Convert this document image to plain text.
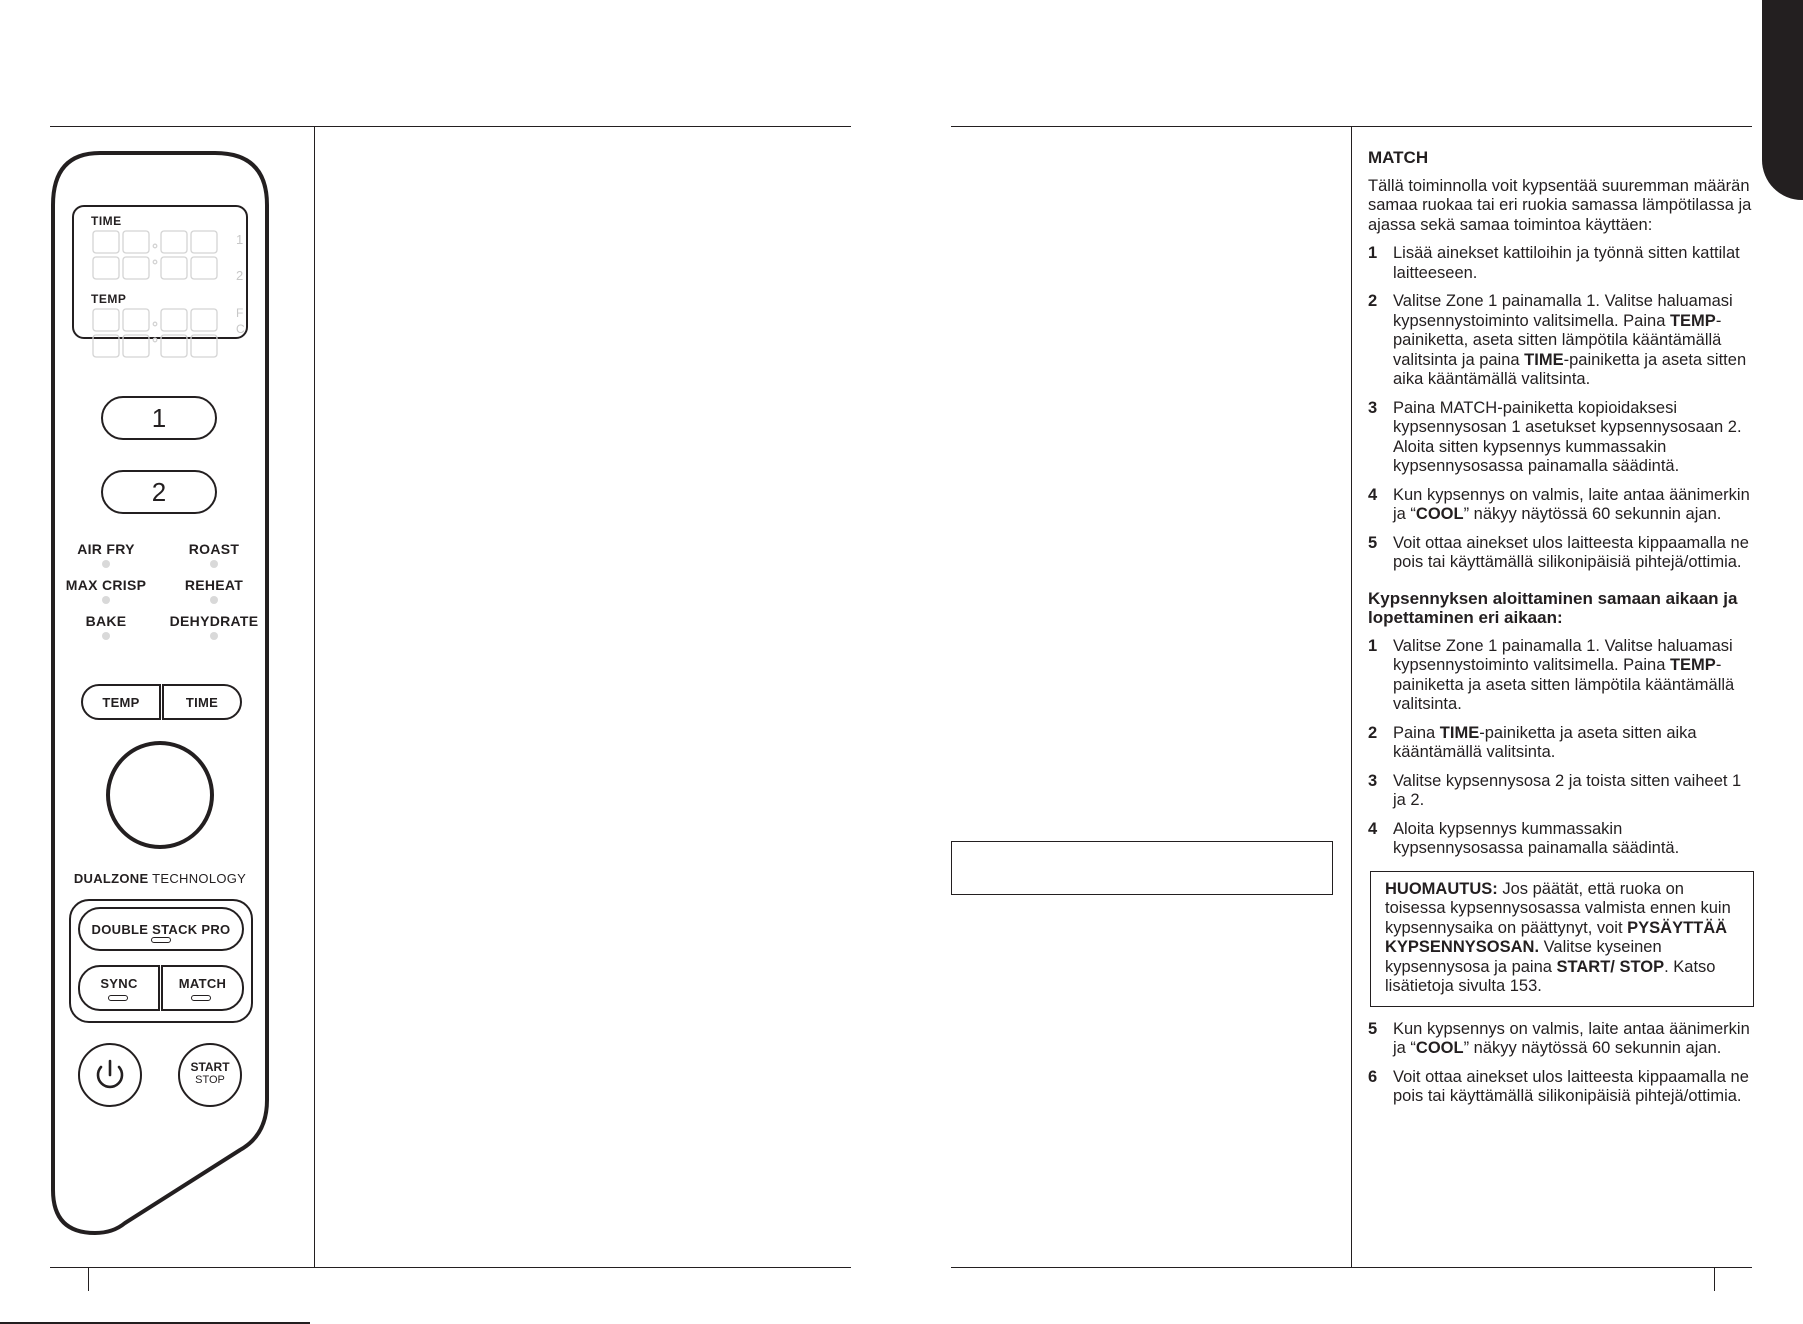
TIME
TEMP
1
2
F
C
1
2
AIR FRY	ROAST
MAX CRISP	REHEAT
BAKE	DEHYDRATE
TEMP	TIME
DUALZONE TECHNOLOGY
DOUBLE STACK PRO
SYNC	MATCH
START
STOP
MATCH

Tällä toiminnolla voit kypsentää suuremman määrän samaa ruokaa tai eri ruokia samassa lämpötilassa ja ajassa sekä samaa toimintoa käyttäen:

1 Lisää ainekset kattiloihin ja työnnä sitten kattilat laitteeseen.
2 Valitse Zone 1 painamalla 1. Valitse haluamasi kypsennystoiminto valitsimella. Paina TEMP-painiketta, aseta sitten lämpötila kääntämällä valitsinta ja paina TIME-painiketta ja aseta sitten aika kääntämällä valitsinta.
3 Paina MATCH-painiketta kopioidaksesi kypsennysosan 1 asetukset kypsennysosaan 2. Aloita sitten kypsennys kummassakin kypsennysosassa painamalla säädintä.
4 Kun kypsennys on valmis, laite antaa äänimerkin ja “COOL” näkyy näytössä 60 sekunnin ajan.
5 Voit ottaa ainekset ulos laitteesta kippaamalla ne pois tai käyttämällä silikonipäisiä pihtejä/ottimia.
Kypsennyksen aloittaminen samaan aikaan ja lopettaminen eri aikaan:
1 Valitse Zone 1 painamalla 1. Valitse haluamasi kypsennystoiminto valitsimella. Paina TEMP-painiketta ja aseta sitten lämpötila kääntämällä valitsinta.
2 Paina TIME-painiketta ja aseta sitten aika kääntämällä valitsinta.
3 Valitse kypsennysosa 2 ja toista sitten vaiheet 1 ja 2.
4 Aloita kypsennys kummassakin kypsennysosassa painamalla säädintä.
HUOMAUTUS: Jos päätät, että ruoka on toisessa kypsennysosassa valmista ennen kuin kypsennysaika on päättynyt, voit PYSÄYTTÄÄ KYPSENNYSOSAN. Valitse kyseinen kypsennysosa ja paina START/ STOP. Katso lisätietoja sivulta 153.
5 Kun kypsennys on valmis, laite antaa äänimerkin ja “COOL” näkyy näytössä 60 sekunnin ajan.
6 Voit ottaa ainekset ulos laitteesta kippaamalla ne pois tai käyttämällä silikonipäisiä pihtejä/ottimia.
